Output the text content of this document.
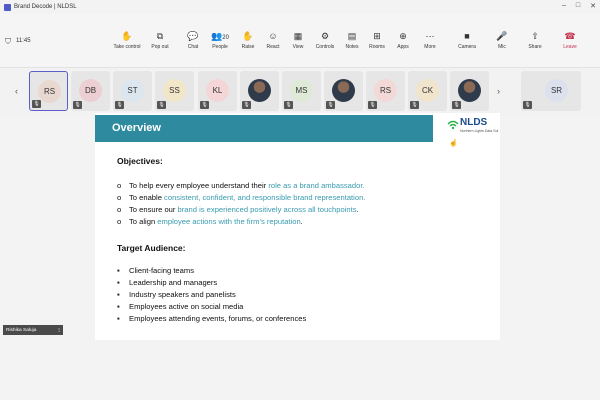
Brand Decode | NLDSL	– □ ✕
⛉ 11:45	✋
Take control
⧉
Pop out
💬
Chat
👥20
People
✋
Raise
☺
React
▦
View
⚙
Controls
▤
Notes
⊞
Rooms
⊕
Apps
⋯
More
■
Camera
🎤
Mic
⇧
Share
☎
Leave
‹	›
RS
🎙
DB
🎙
ST
🎙
SS
🎙
KL
🎙	🎙
MS
🎙	🎙
RS
🎙
CK
🎙	🎙
SR
🎙
Overview	NLDS
Northern Lights Data Sol
Objectives:
o To help every employee understand their role as a brand ambassador.
o To enable consistent, confident, and responsible brand representation.
o To ensure our brand is experienced positively across all touchpoints.
o To align employee actions with the firm’s reputation.
Target Audience:
▪ Client-facing teams
▪ Leadership and managers
▪ Industry speakers and panelists
▪ Employees active on social media
▪ Employees attending events, forums, or conferences
☝
Rishika Saluja	⁝
